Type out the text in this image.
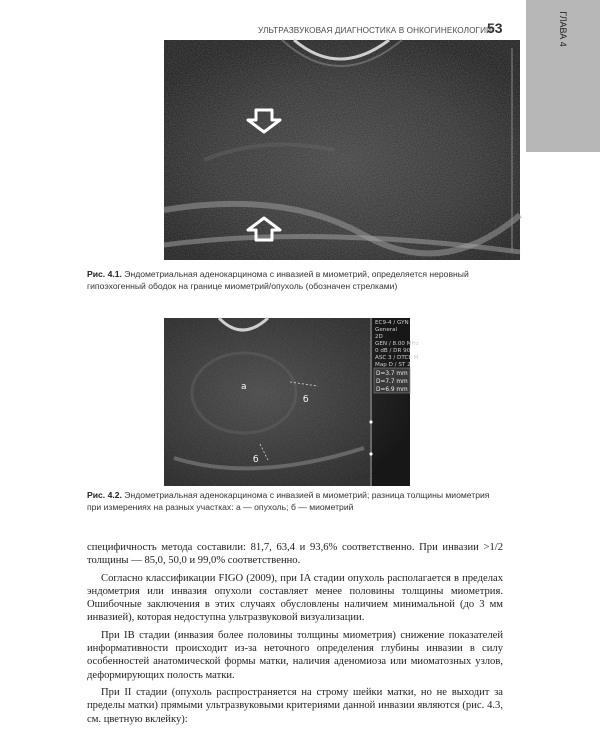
УЛЬТРАЗВУКОВАЯ ДИАГНОСТИКА В ОНКОГИНЕКОЛОГИИ
53	ГЛАВА 4
Рис. 4.1. Эндометриальная аденокарцинома с инвазией в миометрий, определяется неровный гипоэхогенный ободок на границе миометрий/опухоль (обозначен стрелками)
а
б
б
EC9-4 / GYN
General
2D
GEN / 8.00 MHz
0 dB / DR 90
ASC 3 / DTCE M
Map D / ST 2
D=3.7 mm
D=7.7 mm
D=6.9 mm
Рис. 4.2. Эндометриальная аденокарцинома с инвазией в миометрий; разница толщины миометрия при измерениях на разных участках: а — опухоль; б — миометрий

специфичность метода составили: 81,7, 63,4 и 93,6% соответственно. При инвазии >1/2 толщины — 85,0, 50,0 и 99,0% соответственно.

Согласно классификации FIGO (2009), при IA стадии опухоль располагается в пределах эндометрия или инвазия опухоли составляет менее половины толщины миометрия. Ошибочные заключения в этих случаях обусловлены наличием минимальной (до 3 мм инвазией), которая недоступна ультразвуковой визуализации.

При IB стадии (инвазия более половины толщины миометрия) снижение показателей информативности происходит из-за неточного определения глубины инвазии в силу особенностей анатомической формы матки, наличия аденомиоза или миоматозных узлов, деформирующих полость матки.

При II стадии (опухоль распространяется на строму шейки матки, но не выходит за пределы матки) прямыми ультразвуковыми критериями данной инвазии являются (рис. 4.3, см. цветную вклейку):
